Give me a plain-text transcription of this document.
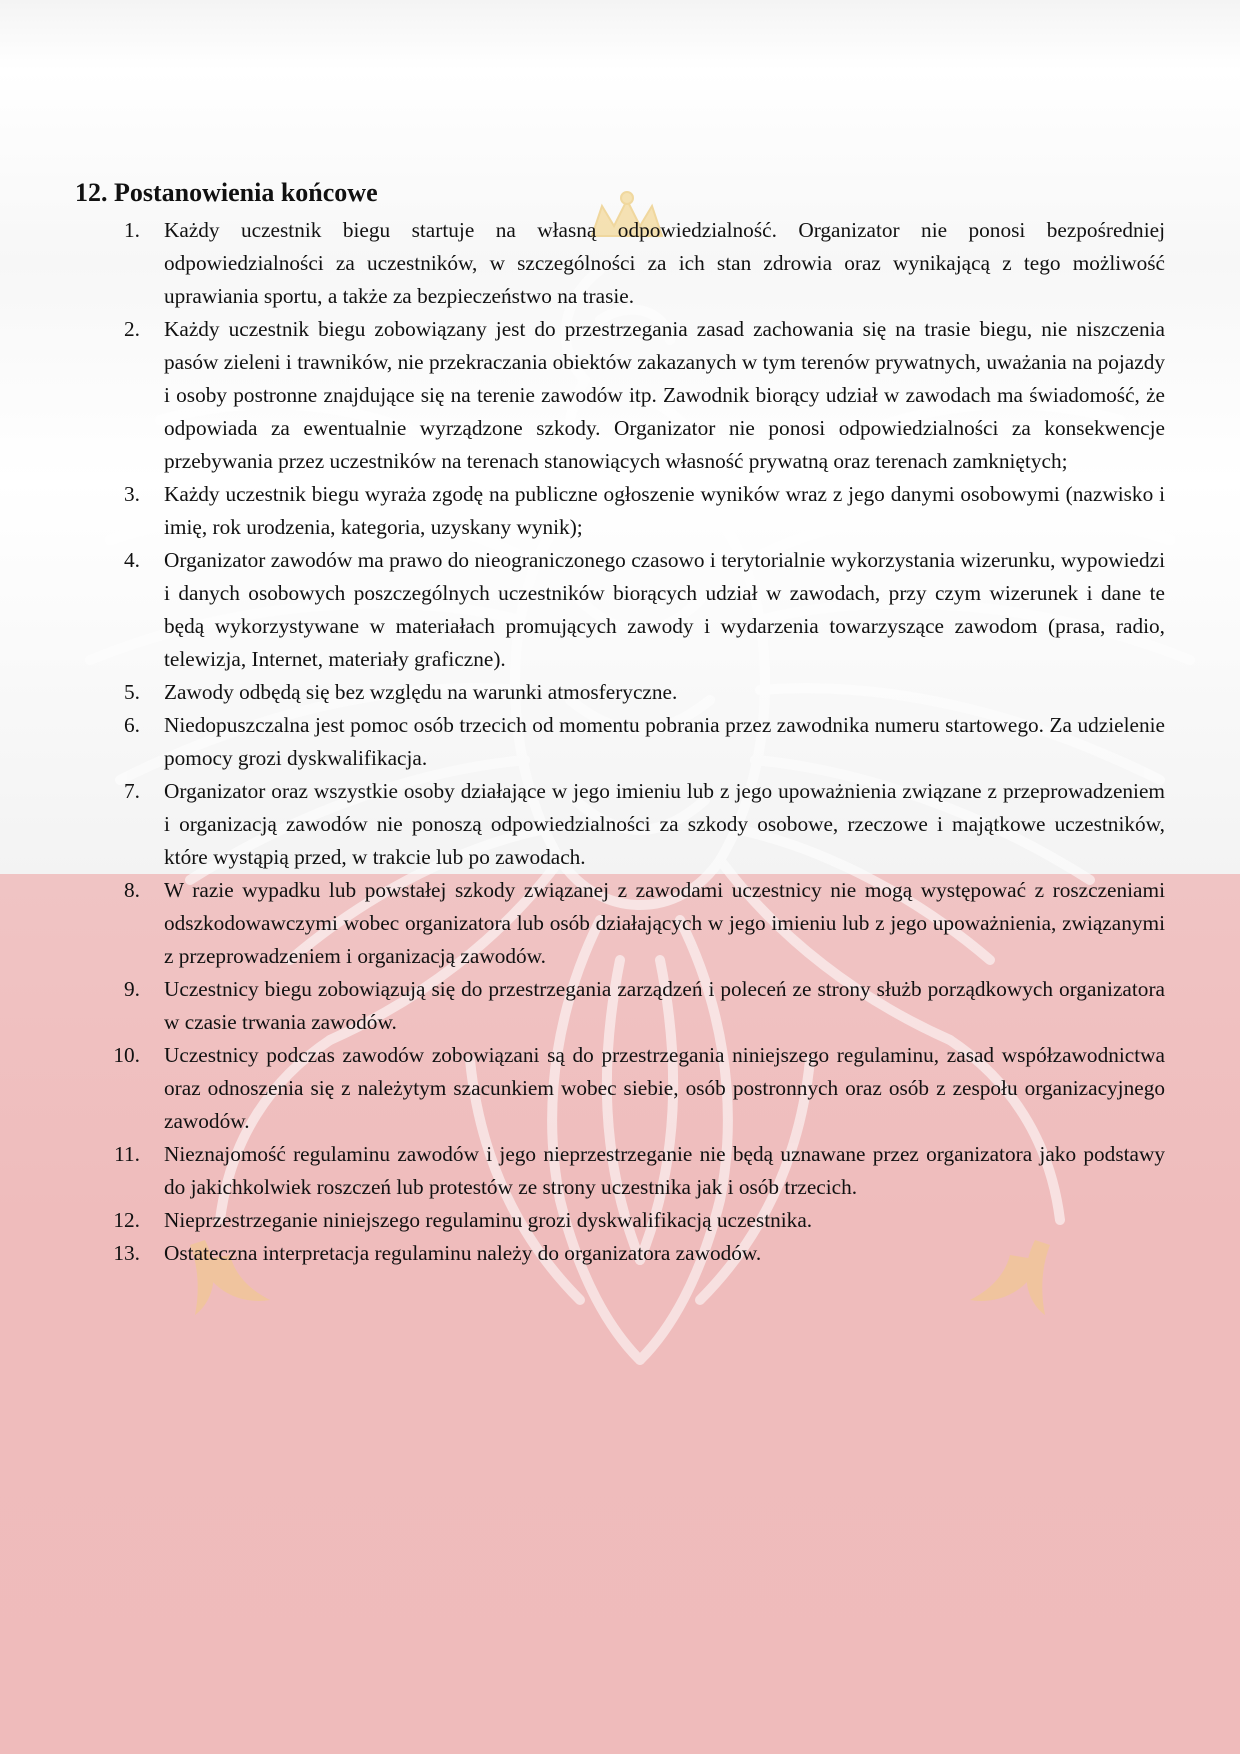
12. Postanowienia końcowe
1. Każdy uczestnik biegu startuje na własną odpowiedzialność. Organizator nie ponosi bezpośredniej odpowiedzialności za uczestników, w szczególności za ich stan zdrowia oraz wynikającą z tego możliwość uprawiania sportu, a także za bezpieczeństwo na trasie.
2. Każdy uczestnik biegu zobowiązany jest do przestrzegania zasad zachowania się na trasie biegu, nie niszczenia pasów zieleni i trawników, nie przekraczania obiektów zakazanych w tym terenów prywatnych, uważania na pojazdy i osoby postronne znajdujące się na terenie zawodów itp. Zawodnik biorący udział w zawodach ma świadomość, że odpowiada za ewentualnie wyrządzone szkody. Organizator nie ponosi odpowiedzialności za konsekwencje przebywania przez uczestników na terenach stanowiących własność prywatną oraz terenach zamkniętych;
3. Każdy uczestnik biegu wyraża zgodę na publiczne ogłoszenie wyników wraz z jego danymi osobowymi (nazwisko i imię, rok urodzenia, kategoria, uzyskany wynik);
4. Organizator zawodów ma prawo do nieograniczonego czasowo i terytorialnie wykorzystania wizerunku, wypowiedzi i danych osobowych poszczególnych uczestników biorących udział w zawodach, przy czym wizerunek i dane te będą wykorzystywane w materiałach promujących zawody i wydarzenia towarzyszące zawodom (prasa, radio, telewizja, Internet, materiały graficzne).
5. Zawody odbędą się bez względu na warunki atmosferyczne.
6. Niedopuszczalna jest pomoc osób trzecich od momentu pobrania przez zawodnika numeru startowego. Za udzielenie pomocy grozi dyskwalifikacja.
7. Organizator oraz wszystkie osoby działające w jego imieniu lub z jego upoważnienia związane z przeprowadzeniem i organizacją zawodów nie ponoszą odpowiedzialności za szkody osobowe, rzeczowe i majątkowe uczestników, które wystąpią przed, w trakcie lub po zawodach.
8. W razie wypadku lub powstałej szkody związanej z zawodami uczestnicy nie mogą występować z roszczeniami odszkodowawczymi wobec organizatora lub osób działających w jego imieniu lub z jego upoważnienia, związanymi z przeprowadzeniem i organizacją zawodów.
9. Uczestnicy biegu zobowiązują się do przestrzegania zarządzeń i poleceń ze strony służb porządkowych organizatora w czasie trwania zawodów.
10. Uczestnicy podczas zawodów zobowiązani są do przestrzegania niniejszego regulaminu, zasad współzawodnictwa oraz odnoszenia się z należytym szacunkiem wobec siebie, osób postronnych oraz osób z zespołu organizacyjnego zawodów.
11. Nieznajomość regulaminu zawodów i jego nieprzestrzeganie nie będą uznawane przez organizatora jako podstawy do jakichkolwiek roszczeń lub protestów ze strony uczestnika jak i osób trzecich.
12. Nieprzestrzeganie niniejszego regulaminu grozi dyskwalifikacją uczestnika.
13. Ostateczna interpretacja regulaminu należy do organizatora zawodów.
